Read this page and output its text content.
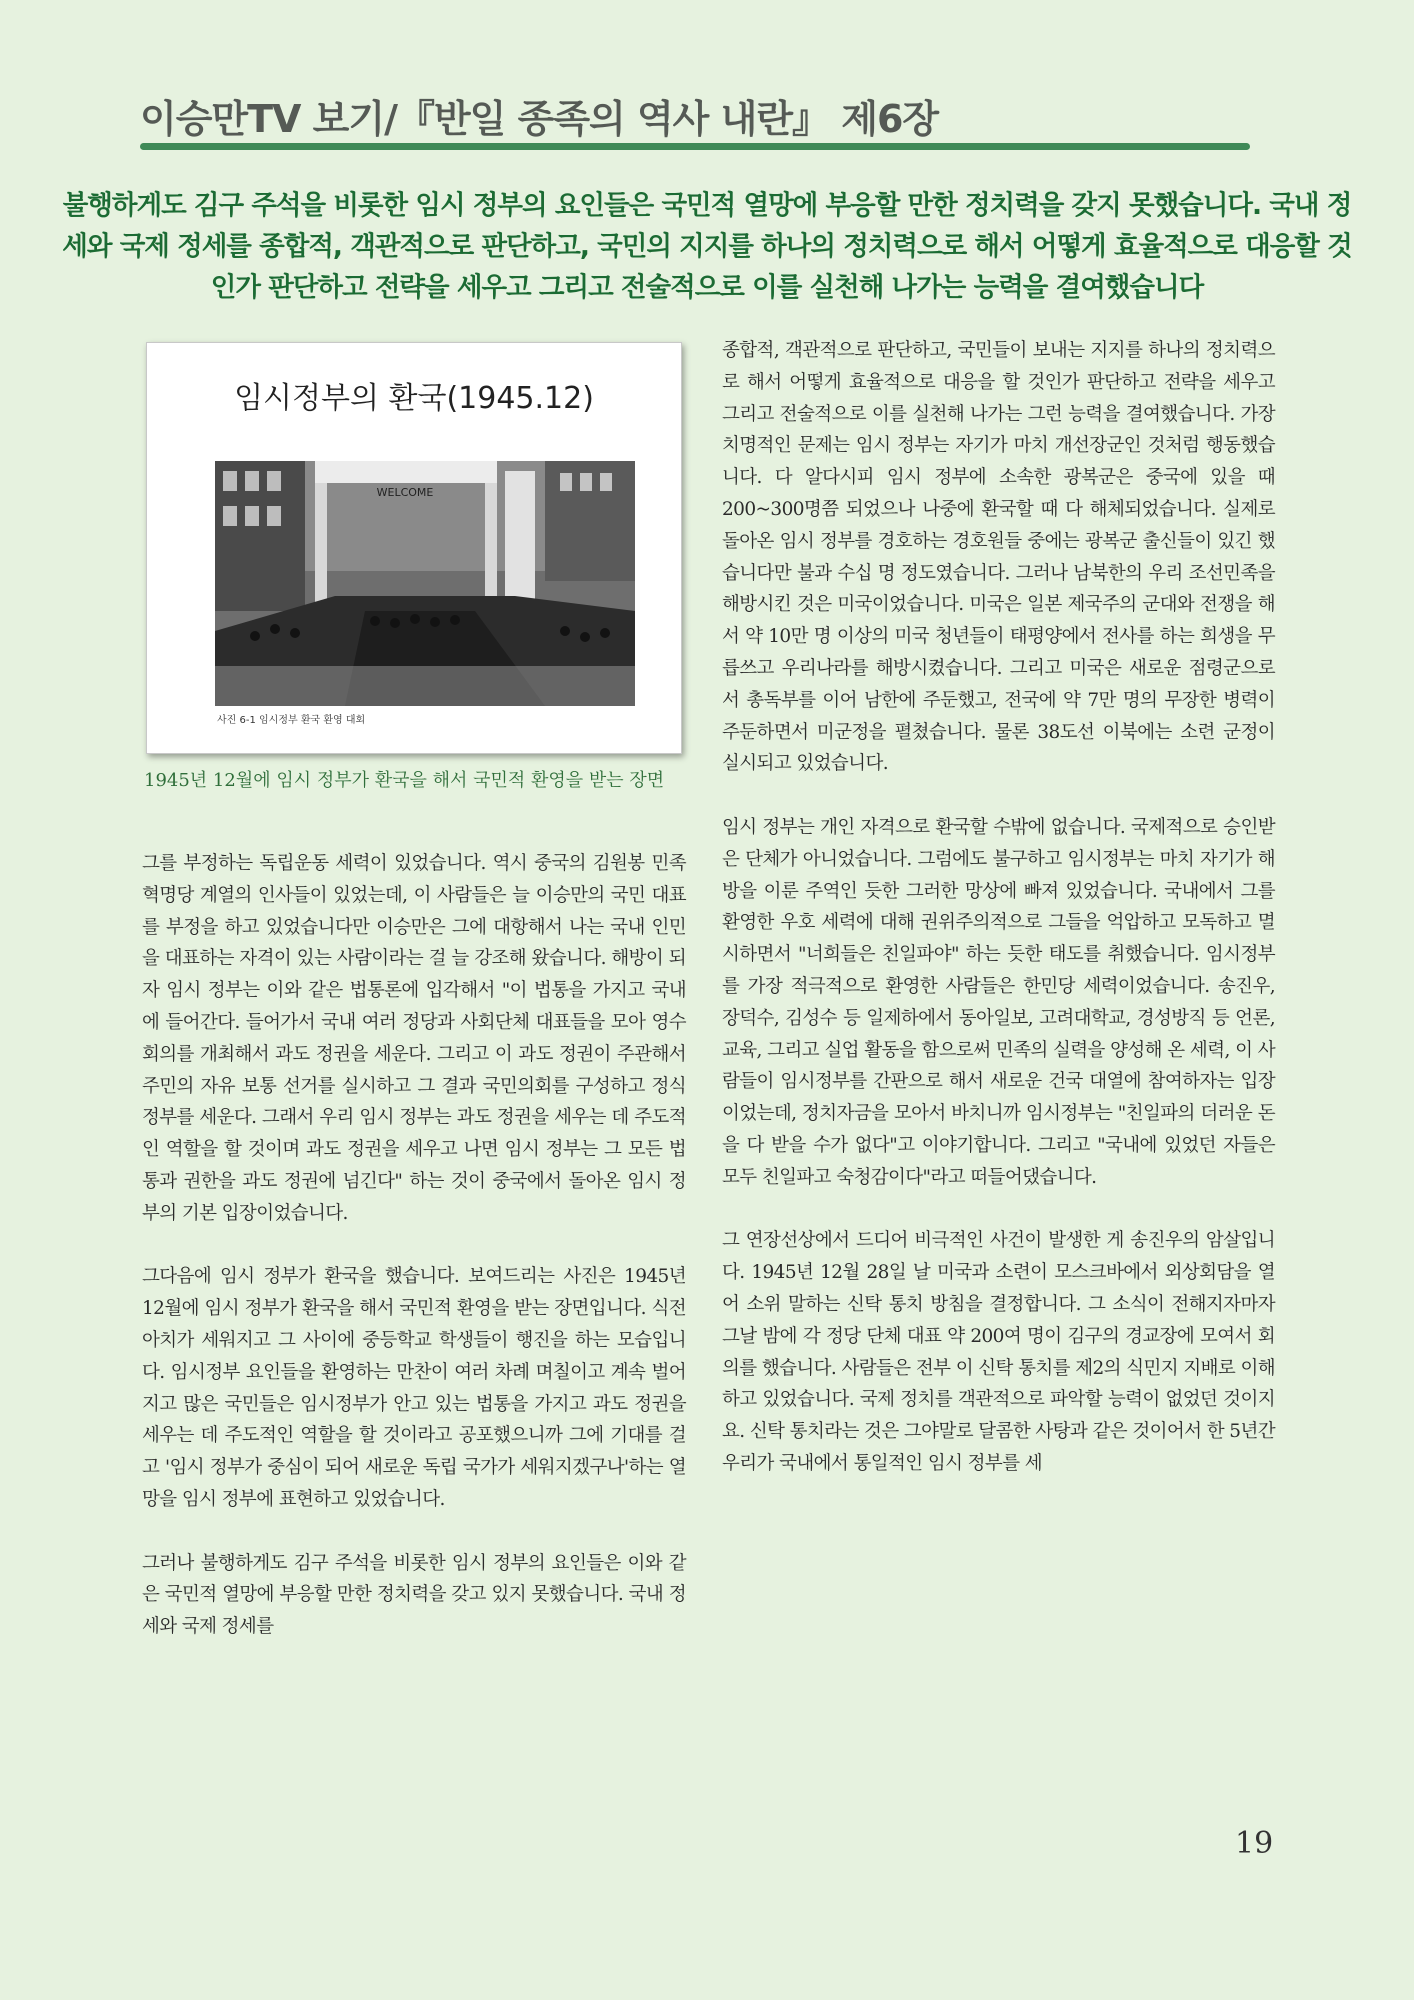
이승만TV 보기/『반일 종족의 역사 내란』 제6장
불행하게도 김구 주석을 비롯한 임시 정부의 요인들은 국민적 열망에 부응할 만한 정치력을 갖지 못했습니다. 국내 정세와 국제 정세를 종합적, 객관적으로 판단하고, 국민의 지지를 하나의 정치력으로 해서 어떻게 효율적으로 대응할 것인가 판단하고 전략을 세우고 그리고 전술적으로 이를 실천해 나가는 능력을 결여했습니다
임시정부의 환국(1945.12)
WELCOME
사진 6-1 임시정부 환국 환영 대회
1945년 12월에 임시 정부가 환국을 해서 국민적 환영을 받는 장면

그를 부정하는 독립운동 세력이 있었습니다. 역시 중국의 김원봉 민족혁명당 계열의 인사들이 있었는데, 이 사람들은 늘 이승만의 국민 대표를 부정을 하고 있었습니다만 이승만은 그에 대항해서 나는 국내 인민을 대표하는 자격이 있는 사람이라는 걸 늘 강조해 왔습니다. 해방이 되자 임시 정부는 이와 같은 법통론에 입각해서 "이 법통을 가지고 국내에 들어간다. 들어가서 국내 여러 정당과 사회단체 대표들을 모아 영수 회의를 개최해서 과도 정권을 세운다. 그리고 이 과도 정권이 주관해서 주민의 자유 보통 선거를 실시하고 그 결과 국민의회를 구성하고 정식 정부를 세운다. 그래서 우리 임시 정부는 과도 정권을 세우는 데 주도적인 역할을 할 것이며 과도 정권을 세우고 나면 임시 정부는 그 모든 법통과 권한을 과도 정권에 넘긴다" 하는 것이 중국에서 돌아온 임시 정부의 기본 입장이었습니다.

그다음에 임시 정부가 환국을 했습니다. 보여드리는 사진은 1945년 12월에 임시 정부가 환국을 해서 국민적 환영을 받는 장면입니다. 식전 아치가 세워지고 그 사이에 중등학교 학생들이 행진을 하는 모습입니다. 임시정부 요인들을 환영하는 만찬이 여러 차례 며칠이고 계속 벌어지고 많은 국민들은 임시정부가 안고 있는 법통을 가지고 과도 정권을 세우는 데 주도적인 역할을 할 것이라고 공포했으니까 그에 기대를 걸고 '임시 정부가 중심이 되어 새로운 독립 국가가 세워지겠구나'하는 열망을 임시 정부에 표현하고 있었습니다.

그러나 불행하게도 김구 주석을 비롯한 임시 정부의 요인들은 이와 같은 국민적 열망에 부응할 만한 정치력을 갖고 있지 못했습니다. 국내 정세와 국제 정세를

종합적, 객관적으로 판단하고, 국민들이 보내는 지지를 하나의 정치력으로 해서 어떻게 효율적으로 대응을 할 것인가 판단하고 전략을 세우고 그리고 전술적으로 이를 실천해 나가는 그런 능력을 결여했습니다. 가장 치명적인 문제는 임시 정부는 자기가 마치 개선장군인 것처럼 행동했습니다. 다 알다시피 임시 정부에 소속한 광복군은 중국에 있을 때 200~300명쯤 되었으나 나중에 환국할 때 다 해체되었습니다. 실제로 돌아온 임시 정부를 경호하는 경호원들 중에는 광복군 출신들이 있긴 했습니다만 불과 수십 명 정도였습니다. 그러나 남북한의 우리 조선민족을 해방시킨 것은 미국이었습니다. 미국은 일본 제국주의 군대와 전쟁을 해서 약 10만 명 이상의 미국 청년들이 태평양에서 전사를 하는 희생을 무릅쓰고 우리나라를 해방시켰습니다. 그리고 미국은 새로운 점령군으로서 총독부를 이어 남한에 주둔했고, 전국에 약 7만 명의 무장한 병력이 주둔하면서 미군정을 펼쳤습니다. 물론 38도선 이북에는 소련 군정이 실시되고 있었습니다.

임시 정부는 개인 자격으로 환국할 수밖에 없습니다. 국제적으로 승인받은 단체가 아니었습니다. 그럼에도 불구하고 임시정부는 마치 자기가 해방을 이룬 주역인 듯한 그러한 망상에 빠져 있었습니다. 국내에서 그를 환영한 우호 세력에 대해 권위주의적으로 그들을 억압하고 모독하고 멸시하면서 "너희들은 친일파야" 하는 듯한 태도를 취했습니다. 임시정부를 가장 적극적으로 환영한 사람들은 한민당 세력이었습니다. 송진우, 장덕수, 김성수 등 일제하에서 동아일보, 고려대학교, 경성방직 등 언론, 교육, 그리고 실업 활동을 함으로써 민족의 실력을 양성해 온 세력, 이 사람들이 임시정부를 간판으로 해서 새로운 건국 대열에 참여하자는 입장이었는데, 정치자금을 모아서 바치니까 임시정부는 "친일파의 더러운 돈을 다 받을 수가 없다"고 이야기합니다. 그리고 "국내에 있었던 자들은 모두 친일파고 숙청감이다"라고 떠들어댔습니다.

그 연장선상에서 드디어 비극적인 사건이 발생한 게 송진우의 암살입니다. 1945년 12월 28일 날 미국과 소련이 모스크바에서 외상회담을 열어 소위 말하는 신탁 통치 방침을 결정합니다. 그 소식이 전해지자마자 그날 밤에 각 정당 단체 대표 약 200여 명이 김구의 경교장에 모여서 회의를 했습니다. 사람들은 전부 이 신탁 통치를 제2의 식민지 지배로 이해하고 있었습니다. 국제 정치를 객관적으로 파악할 능력이 없었던 것이지요. 신탁 통치라는 것은 그야말로 달콤한 사탕과 같은 것이어서 한 5년간 우리가 국내에서 통일적인 임시 정부를 세

19
